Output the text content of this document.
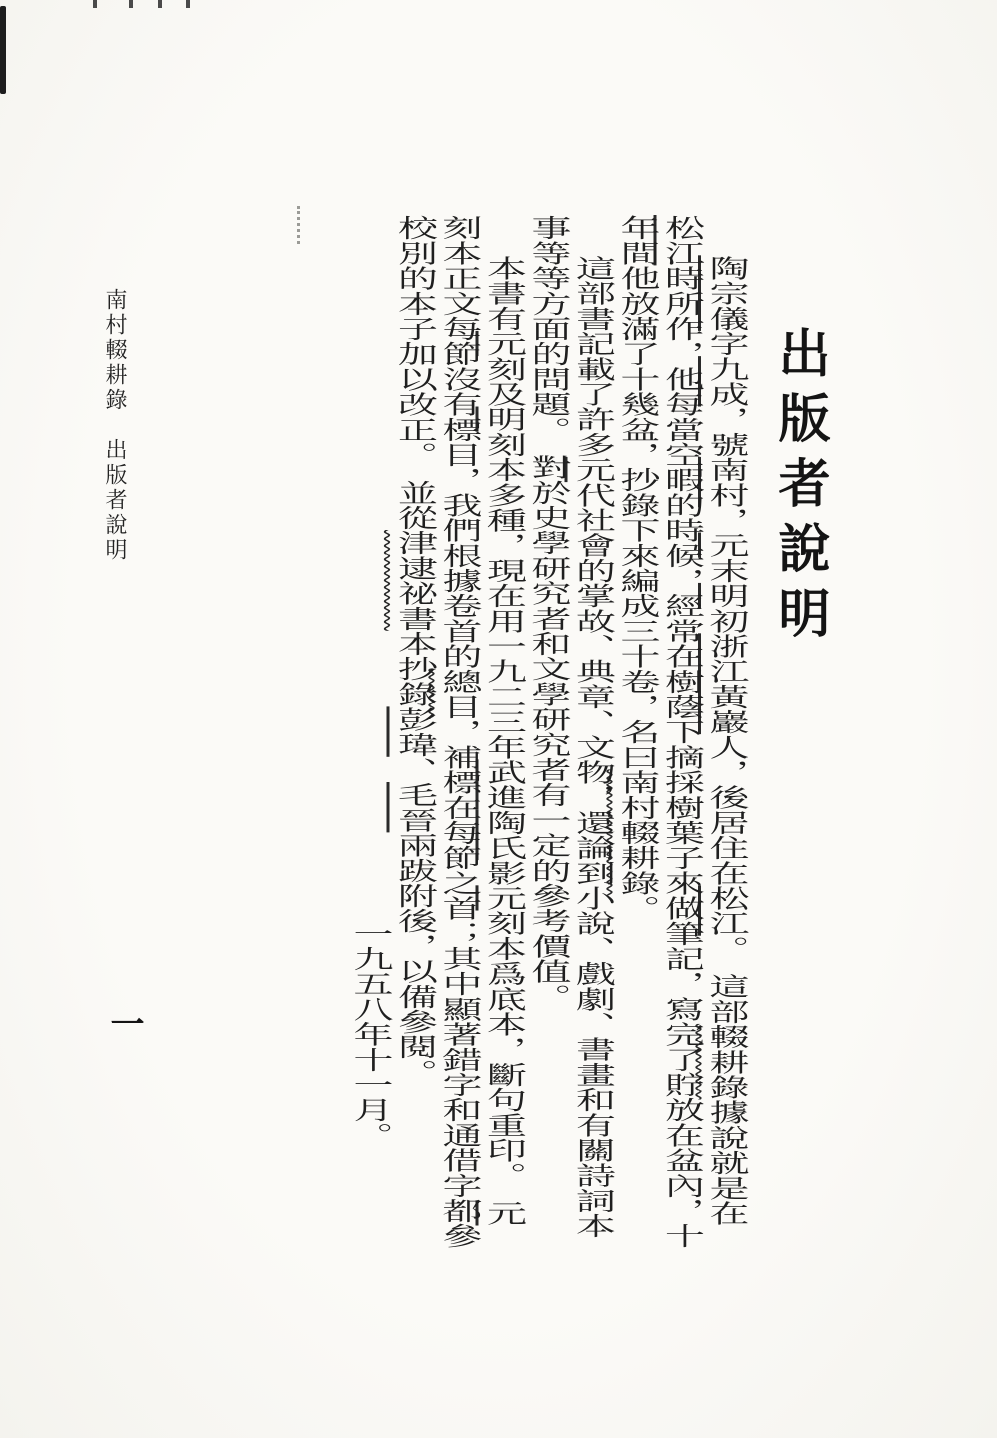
出版者說明

陶宗儀字九成，號南村，元末明初浙江黃巖人，後居住在松江。　這部輟耕錄據說就是在松江時所作，他每當空暇的時候，經常在樹蔭下摘採樹葉子來做筆記，寫完了貯放在盆內，十年間他放滿了十幾盆，抄錄下來編成三十卷，名曰南村輟耕錄。

這部書記載了許多元代社會的掌故、典章、文物，還論到小說、戲劇、書畫和有關詩詞本事等等方面的問題。　對於史學研究者和文學研究者有一定的參考價值。

本書有元刻及明刻本多種，現在用一九二三年武進陶氏影元刻本爲底本，斷句重印。　元刻本正文每節沒有標目，我們根據卷首的總目，補標在每節之首；其中顯著錯字和通借字都參校別的本子加以改正。　並從津逮祕書本抄錄彭瑋、毛晉兩跋附後，以備參閱。

一九五八年十一月。

南村輟耕錄　出版者說明
一
